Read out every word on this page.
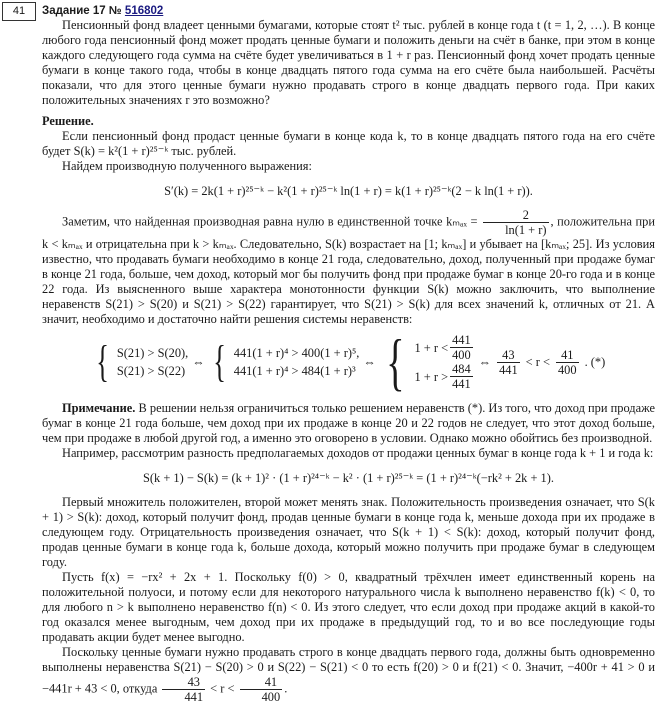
41	Задание 17 № 516802

Пенсионный фонд владеет ценными бумагами, которые стоят t² тыс. рублей в конце года t (t = 1, 2, …). В конце любого года пенсионный фонд может продать ценные бумаги и положить деньги на счёт в банке, при этом в конце каждого следующего года сумма на счёте будет увеличиваться в 1 + r раз. Пенсионный фонд хочет продать ценные бумаги в конце такого года, чтобы в конце двадцать пятого года сумма на его счёте была наибольшей. Расчёты показали, что для этого ценные бумаги нужно продавать строго в конце двадцать первого года. При каких положительных значениях r это возможно?

Решение.

Если пенсионный фонд продаст ценные бумаги в конце кода k, то в конце двадцать пятого года на его счёте будет S(k) = k²(1 + r)²⁵⁻ᵏ тыс. рублей.

Найдем производную полученного выражения:

S′(k) = 2k(1 + r)²⁵⁻ᵏ − k²(1 + r)²⁵⁻ᵏ ln(1 + r) = k(1 + r)²⁵⁻ᵏ(2 − k ln(1 + r)).

Заметим, что найденная производная равна нулю в единственной точке $k_{max} = \frac{2}{\ln(1 + r)}$ , положительна при k < kₘₐₓ и отрицательна при k > kₘₐₓ. Следовательно, S(k) возрастает на [1; kₘₐₓ] и убывает на [kₘₐₓ; 25]. Из условия известно, что продавать бумаги необходимо в конце 21 года, следовательно, доход, полученный при продаже бумаг в конце 21 года, больше, чем доход, который мог бы получить фонд при продаже бумаг в конце 20-го года и в конце 22 года. Из выясненного выше характера монотонности функции S(k) можно заключить, что выполнение неравенств S(21) > S(20) и S(21) > S(22) гарантирует, что S(21) > S(k) для всех значений k, отличных от 21. А значит, необходимо и достаточно найти решения системы неравенств:

{ S(21) > S(20),
S(21) > S(22)
⇔ { 441(1 + r)⁴ > 400(1 + r)⁵,
441(1 + r)⁴ > 484(1 + r)³
⇔ { $1 + r < \frac{441}{400}$
$1 + r > \frac{484}{441}$
⇔ $\frac{43}{441} < r < \frac{41}{400}$ . (*)

Примечание. В решении нельзя ограничиться только решением неравенств (*). Из того, что доход при продаже бумаг в конце 21 года больше, чем доход при их продаже в конце 20 и 22 годов не следует, что этот доход больше, чем при продаже в любой другой год, а именно это оговорено в условии. Однако можно обойтись без производной.

Например, рассмотрим разность предполагаемых доходов от продажи ценных бумаг в конце года k + 1 и года k:

S(k + 1) − S(k) = (k + 1)² · (1 + r)²⁴⁻ᵏ − k² · (1 + r)²⁵⁻ᵏ = (1 + r)²⁴⁻ᵏ(−rk² + 2k + 1).

Первый множитель положителен, второй может менять знак. Положительность произведения означает, что S(k + 1) > S(k): доход, который получит фонд, продав ценные бумаги в конце года k, меньше дохода при их продаже в следующем году. Отрицательность произведения означает, что S(k + 1) < S(k): доход, который получит фонд, продав ценные бумаги в конце года k, больше дохода, который можно получить при продаже бумаг в следующем году.

Пусть f(x) = −rx² + 2x + 1. Поскольку f(0) > 0, квадратный трёхчлен имеет единственный корень на положительной полуоси, и потому если для некоторого натурального числа k выполнено неравенство f(k) < 0, то для любого n > k выполнено неравенство f(n) < 0. Из этого следует, что если доход при продаже акций в какой-то год оказался менее выгодным, чем доход при их продаже в предыдущий год, то и во все последующие годы продавать акции будет менее выгодно.

Поскольку ценные бумаги нужно продавать строго в конце двадцать первого года, должны быть одновременно выполнены неравенства S(21) − S(20) > 0 и S(22) − S(21) < 0 то есть f(20) > 0 и f(21) < 0. Значит, −400r + 41 > 0 и −441r + 43 < 0, откуда $\frac{43}{441} < r < \frac{41}{400}$ .
